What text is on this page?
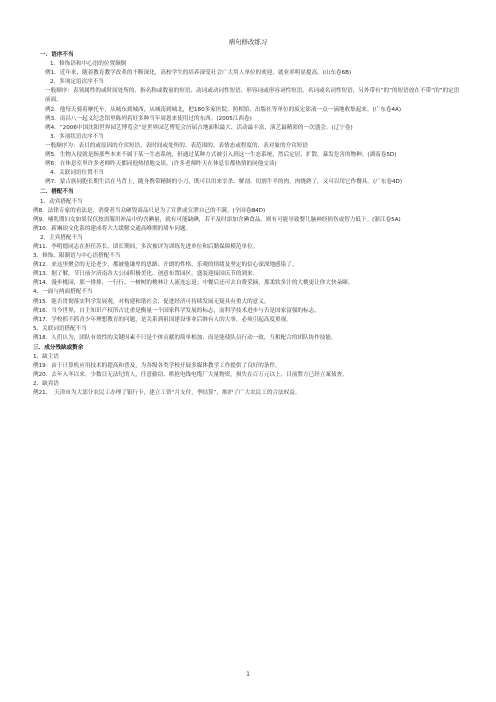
病句修改练习
一．语序不当
1．修饰语和中心语的位置颠倒
例1．近年来，随着教育教学改革的不断深化，高校学生的培养深受社会广大用人单位的欢迎，就业率明显提高。(山东卷6B)
2．多项定语次序不当
一般顺序：表领属性的或时间处所的、指名称或数量的短语、动词或动词性短语、形容词或形容词性短语、名词或名词性短语，另外带有“的”的短语放在不带“的”的定语前面。
例2．他每天骑着摩托车，从城东到城西，从城南到城北，把180多家医院、照相馆、出版社等单位的废定影液一点一滴地收集起来。(广东卷4A)
例3．南昌八一起义纪念馆里陈列着好多种当年周恩来使用过的东西。(2005江西卷)
例4．“2006中国沈阳世界园艺博览会”是世界园艺博览会历届占地面积最大、活动最丰富、演艺最精彩的一次盛会。(辽宁卷)
3．多项状语次序不当
一般顺序为：表目的或原因的介宾短语、表时间或处所的、表范围的、表情态或程度的、表对象的介宾短语
例5．生物入侵就是指那些本来不属于某一生态系统，但通过某种方式被引入到这一生态系统，然后定居、扩散、暴发危害的物种。(湖南卷5D)
例6：在休息室里许多老师昨天都同他热情地交谈。(许多老师昨天在休息室都热情的同他交谈)
4．关联词语位置不当
例7．蒙古族同胞长期生活在马背上，随身携带精制的小刀，既可以用来宰杀、解剖、切割牛羊的肉，肉烧熟了，又可以用它作餐具。(广东卷4D)
二．搭配不当
1．动宾搭配不当
例8．法律专家的看法是，消费者当众砸毁商品只是为了宣泄或宣泄自己的不满。(全国卷Ⅲ4D)
例9．哺乳期妇女如果仅仅按需服用补品中的含碘量，就有可能缺碘，若不及时添加含碘食品，则有可能导致婴儿脑神经损伤或智力低下。(浙江卷5A)
例10．新琳琅文化系的建成将大大缓解交通高峰期的堵车问题。
2．主宾搭配不当
例11．李明德同志在担任苏长、团长期间，多次被评为训练先进单位和后勤保障模范单位。
3、修饰、限制语与中心语搭配不当
例12．来这里聚会的无论老少，都被他谦卑的思路、开朗的性格、乐观的情绪及坚定的信心深深地感染了。
例13．据了解，节日前夕济南各大公园积极美化、创意布置园区，盛装迎接国庆节的到来。
例14．漫步桃园，那一排排、一行行、一树树的桃林让人流连忘返；中餐后还可去自费采摘，那柔软多汁的大桃更让你大快朵颐。
4、一面与两面搭配不当
例15．能否贯彻落实科学发展观，对构建和谐社会，促进经济可持续发展无疑具有重大的意义。
例16．当今世界，自主知识产权所占比重是衡量一个国家科学发展的标志，而科学技术进步与否是国家富强的标志。
例17．学校抓不抓青少年理想教育的问题，是关系到祖国建设事业后继有人的大事，必须引起高度重视。
5、关联词语搭配不当
例18．人们认为，团队有效性的关键因素不只是个体贡献的简单相加，而是能使队员行动一致，互相配合的团队协作技能。
三．成分残缺或赘余
1、缺主语
例19：由于计算机应用技术的提高和普及，为各级各类学校开展多媒体教学工作提供了良好的条件。
例20．去年入冬以来，少数目无法纪的人，任意偷窃、哄抢电线电缆厂大量物资，损失在百万元以上，目前警方已经立案侦查。
2、缺宾语
例21．　天津市为大部分农民工办理了银行卡，建立工资“月支付，季结算”，维护了广大农民工的合法权益。
1
